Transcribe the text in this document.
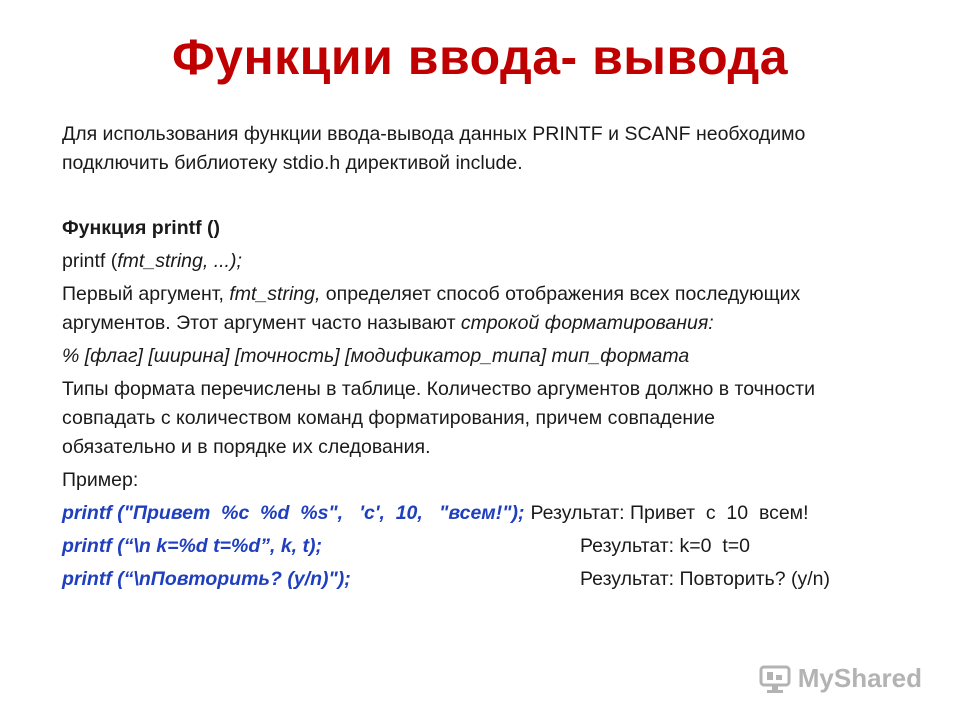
Функции ввода- вывода

Для использования функции ввода-вывода данных PRINTF и SCANF необходимо

подключить библиотеку stdio.h директивой include.

Функция printf ()

printf (fmt_string, ...);

Первый аргумент, fmt_string, определяет способ отображения всех последующих
аргументов. Этот аргумент часто называют строкой форматирования:

% [флаг] [ширина] [точность] [модификатор_типа] тип_формата

Типы формата перечислены в таблице. Количество аргументов должно в точности

совпадать с количеством команд форматирования, причем совпадение

обязательно и в порядке их следования.

Пример:

printf ("Привет  %c  %d  %s",   'c',  10,   "всем!"); Результат: Привет  с  10  всем!
printf (“\n k=%d t=%d”, k, t);	Результат: k=0  t=0
printf (“\nПовторить? (y/n)");	Результат: Повторить? (y/n)
MyShared
